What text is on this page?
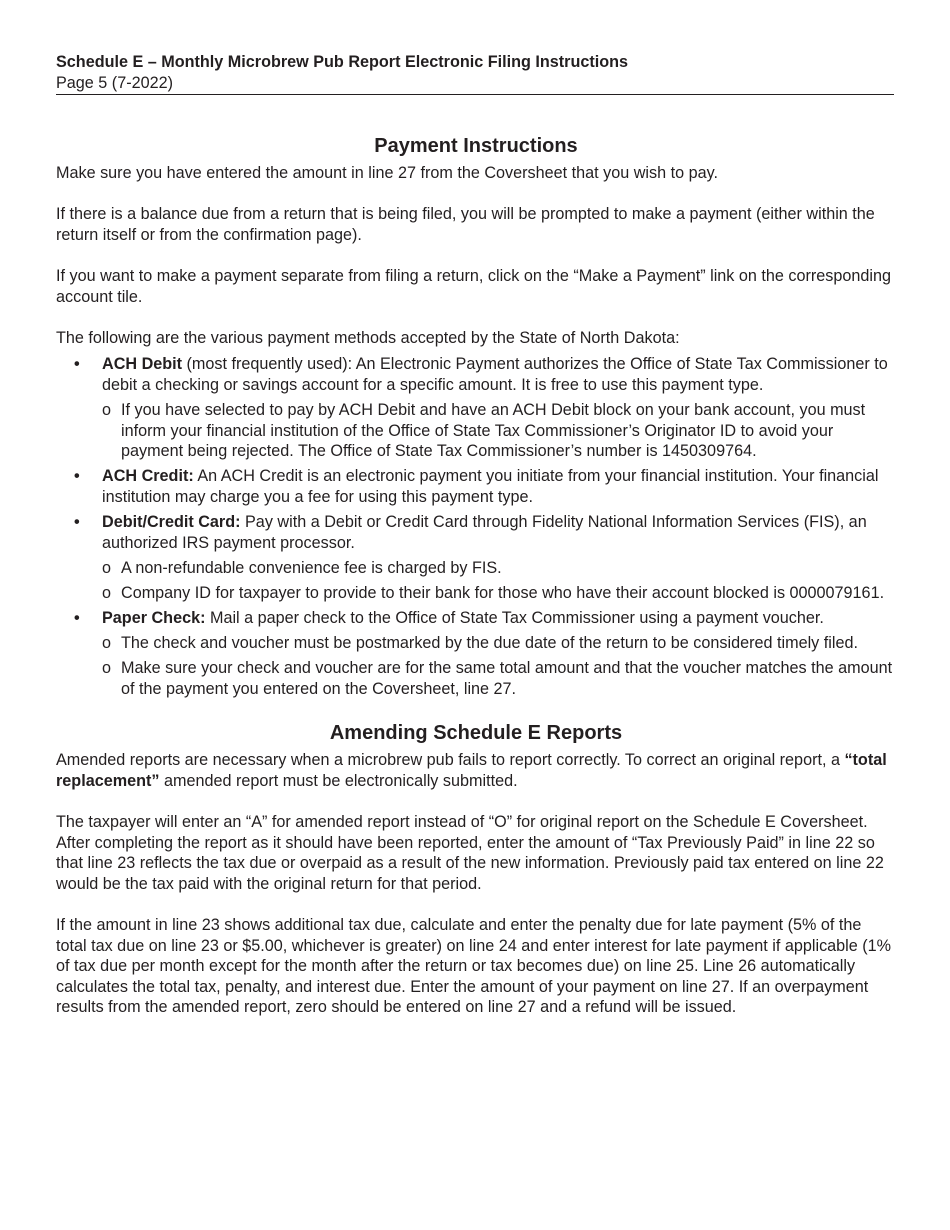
Schedule E – Monthly Microbrew Pub Report Electronic Filing Instructions
Page 5 (7-2022)
Payment Instructions

Make sure you have entered the amount in line 27 from the Coversheet that you wish to pay.

If there is a balance due from a return that is being filed, you will be prompted to make a payment (either within the return itself or from the confirmation page).

If you want to make a payment separate from filing a return, click on the “Make a Payment” link on the corresponding account tile.

The following are the various payment methods accepted by the State of North Dakota:

• ACH Debit (most frequently used): An Electronic Payment authorizes the Office of State Tax Commissioner to debit a checking or savings account for a specific amount. It is free to use this payment type.
o If you have selected to pay by ACH Debit and have an ACH Debit block on your bank account, you must inform your financial institution of the Office of State Tax Commissioner’s Originator ID to avoid your payment being rejected. The Office of State Tax Commissioner’s number is 1450309764.
• ACH Credit: An ACH Credit is an electronic payment you initiate from your financial institution. Your financial institution may charge you a fee for using this payment type.
• Debit/Credit Card: Pay with a Debit or Credit Card through Fidelity National Information Services (FIS), an authorized IRS payment processor.
o A non-refundable convenience fee is charged by FIS.
o Company ID for taxpayer to provide to their bank for those who have their account blocked is 0000079161.
• Paper Check: Mail a paper check to the Office of State Tax Commissioner using a payment voucher.
o The check and voucher must be postmarked by the due date of the return to be considered timely filed.
o Make sure your check and voucher are for the same total amount and that the voucher matches the amount of the payment you entered on the Coversheet, line 27.
Amending Schedule E Reports

Amended reports are necessary when a microbrew pub fails to report correctly. To correct an original report, a “total replacement” amended report must be electronically submitted.

The taxpayer will enter an “A” for amended report instead of “O” for original report on the Schedule E Coversheet. After completing the report as it should have been reported, enter the amount of “Tax Previously Paid” in line 22 so that line 23 reflects the tax due or overpaid as a result of the new information. Previously paid tax entered on line 22 would be the tax paid with the original return for that period.

If the amount in line 23 shows additional tax due, calculate and enter the penalty due for late payment (5% of the total tax due on line 23 or $5.00, whichever is greater) on line 24 and enter interest for late payment if applicable (1% of tax due per month except for the month after the return or tax becomes due) on line 25. Line 26 automatically calculates the total tax, penalty, and interest due. Enter the amount of your payment on line 27. If an overpayment results from the amended report, zero should be entered on line 27 and a refund will be issued.
